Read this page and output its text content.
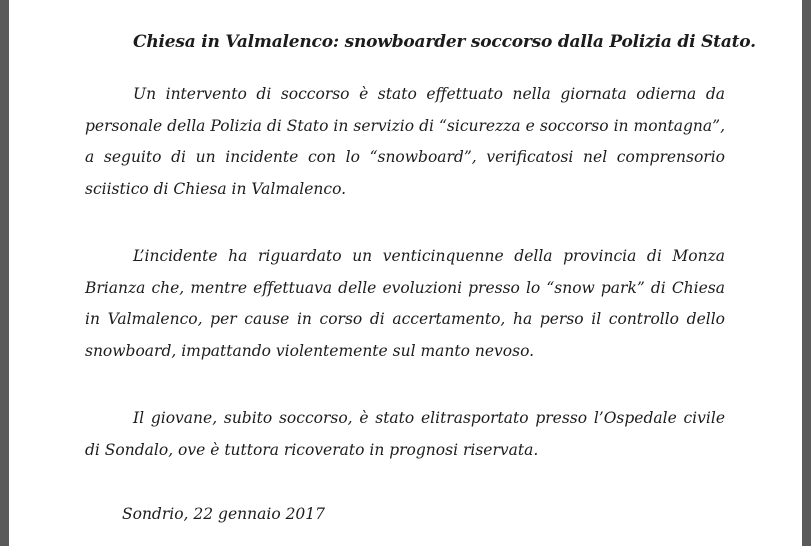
Chiesa in Valmalenco: snowboarder soccorso dalla Polizia di Stato.

Un intervento di soccorso è stato effettuato nella giornata odierna da personale della Polizia di Stato in servizio di “sicurezza e soccorso in montagna”, a seguito di un incidente con lo “snowboard”, verificatosi nel comprensorio sciistico di Chiesa in Valmalenco.

L’incidente ha riguardato un venticinquenne della provincia di Monza Brianza che, mentre effettuava delle evoluzioni presso lo “snow park” di Chiesa in Valmalenco, per cause in corso di accertamento, ha perso il controllo dello snowboard, impattando violentemente sul manto nevoso.

Il giovane, subito soccorso, è stato elitrasportato presso l’Ospedale civile di Sondalo, ove è tuttora ricoverato in prognosi riservata.

Sondrio, 22 gennaio 2017
